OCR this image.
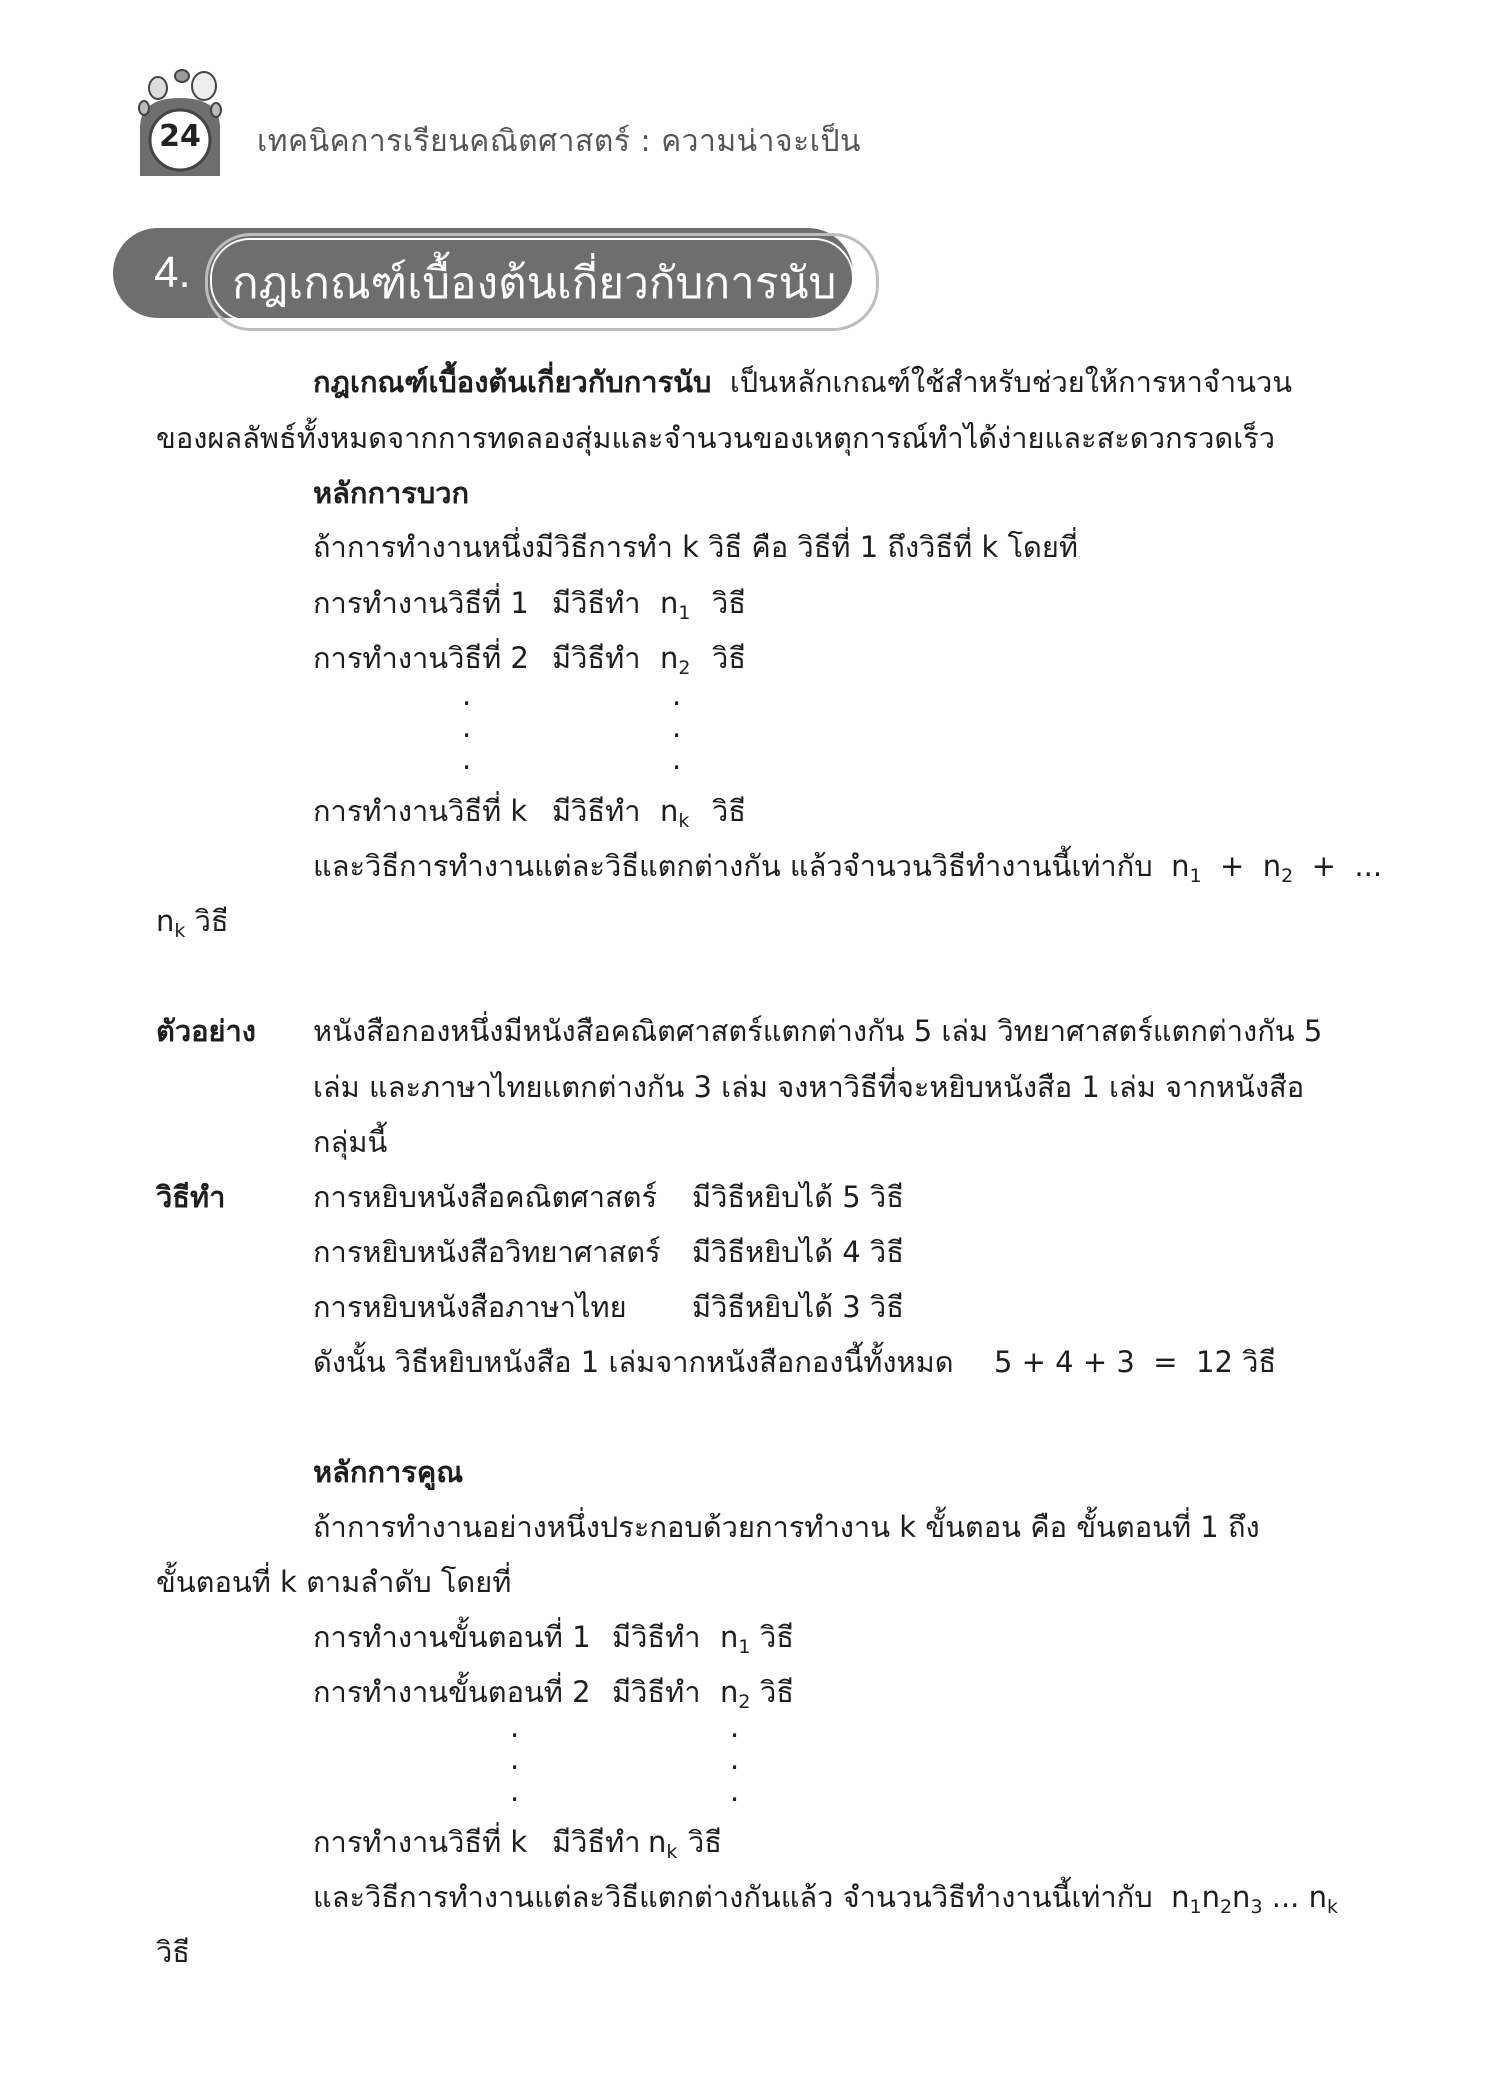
24 เทคนิคการเรียนคณิตศาสตร์ : ความน่าจะเป็น
4. กฎเกณฑ์เบื้องต้นเกี่ยวกับการนับ
กฎเกณฑ์เบื้องต้นเกี่ยวกับการนับ เป็นหลักเกณฑ์ใช้สำหรับช่วยให้การหาจำนวน
ของผลลัพธ์ทั้งหมดจากการทดลองสุ่มและจำนวนของเหตุการณ์ทำได้ง่ายและสะดวกรวดเร็ว
หลักการบวก
ถ้าการทำงานหนึ่งมีวิธีการทำ k วิธี คือ วิธีที่ 1 ถึงวิธีที่ k โดยที่
การทำงานวิธีที่ 1 มีวิธีทำ $n_1$ วิธี
การทำงานวิธีที่ 2 มีวิธีทำ $n_2$ วิธี
.
.
.
.
.
.
การทำงานวิธีที่ k มีวิธีทำ $n_k$ วิธี
และวิธีการทำงานแต่ละวิธีแตกต่างกัน แล้วจำนวนวิธีทำงานนี้เท่ากับ $n_1 + n_2$ + ...
$n_k$ วิธี
ตัวอย่าง หนังสือกองหนึ่งมีหนังสือคณิตศาสตร์แตกต่างกัน 5 เล่ม วิทยาศาสตร์แตกต่างกัน 5
เล่ม และภาษาไทยแตกต่างกัน 3 เล่ม จงหาวิธีที่จะหยิบหนังสือ 1 เล่ม จากหนังสือ
กลุ่มนี้
วิธีทำ	การหยิบหนังสือคณิตศาสตร์ มีวิธีหยิบได้ 5 วิธี
การหยิบหนังสือวิทยาศาสตร์ มีวิธีหยิบได้ 4 วิธี
การหยิบหนังสือภาษาไทย มีวิธีหยิบได้ 3 วิธี
ดังนั้น วิธีหยิบหนังสือ 1 เล่มจากหนังสือกองนี้ทั้งหมด 5 + 4 + 3  =  12 วิธี
หลักการคูณ
ถ้าการทำงานอย่างหนึ่งประกอบด้วยการทำงาน k ขั้นตอน คือ ขั้นตอนที่ 1 ถึง
ขั้นตอนที่ k ตามลำดับ โดยที่
การทำงานขั้นตอนที่ 1 มีวิธีทำ $n_1$ วิธี
การทำงานขั้นตอนที่ 2 มีวิธีทำ $n_2$ วิธี
.
.
.
.
.
.
การทำงานวิธีที่ k มีวิธีทำ $n_k$ วิธี
และวิธีการทำงานแต่ละวิธีแตกต่างกันแล้ว จำนวนวิธีทำงานนี้เท่ากับ $n_1n_2n_3$ ... $n_k$
วิธี
